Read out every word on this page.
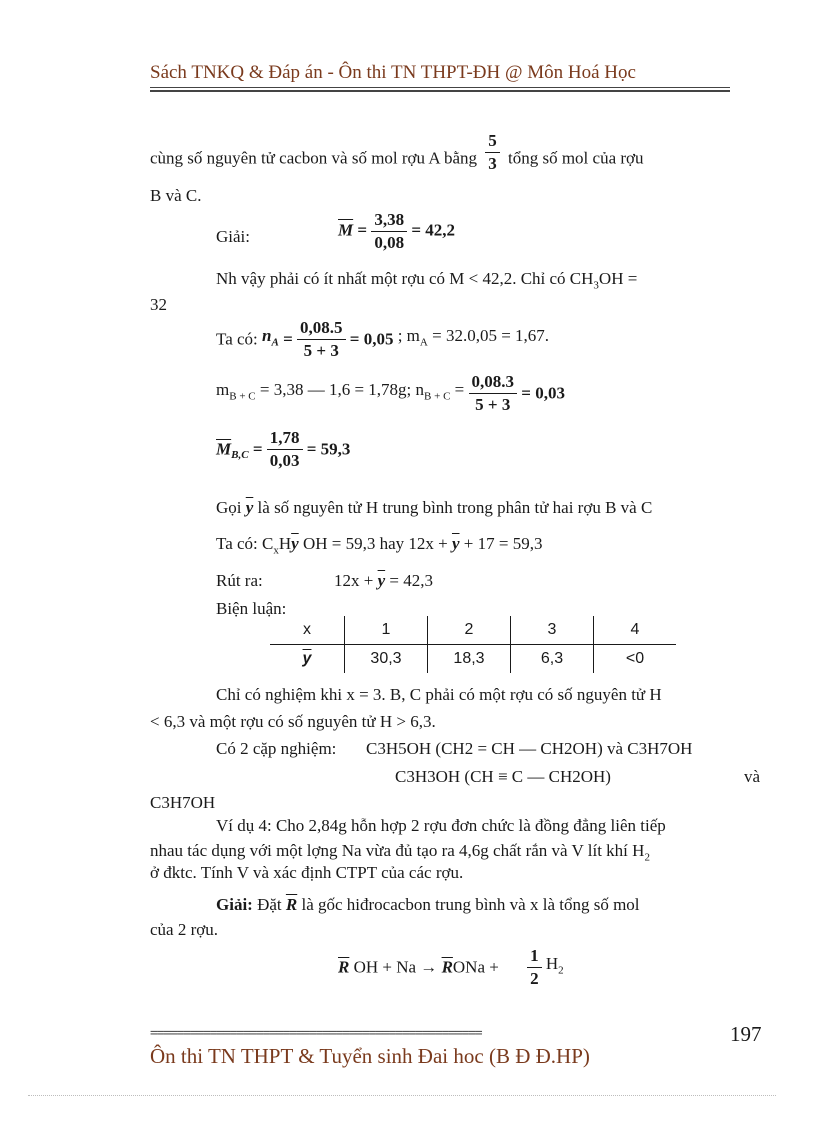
Sách TNKQ & Đáp án - Ôn thi TN THPT-ĐH @ Môn Hoá Học
cùng số nguyên tử cacbon và số mol rợu A bằng $\frac{5}{3}$ tổng số mol của rợu
B và C.
Giải:	$\overline{M} = \frac{3,38}{0,08} = 42,2$
Nh vậy phải có ít nhất một rợu có M < 42,2. Chỉ có $CH_3OH$ =
32
Ta có: $n_A = \frac{0,08.5}{5 + 3} = 0,05$ ; $m_A = 32.0,05 = 1,67$.
$m_{B + C} = 3,38$ — 1,6 = 1,78g; $n_{B + C} = \frac{0,08.3}{5 + 3} = 0,03$
$\overline{M}_{B,C} = \frac{1,78}{0,03} = 59,3$
Gọi $\overline{y}$ là số nguyên tử H trung bình trong phân tử hai rợu B và C
Ta có: $C_xH\overline{y}$ OH = 59,3 hay $12x + \overline{y} + 17 = 59,3$
Rút ra:	$12x + \overline{y} = 42,3$
Biện luận:
x	1	2	3	4
$\overline{y}$	30,3	18,3	6,3	<0
Chỉ có nghiệm khi x = 3. B, C phải có một rợu có số nguyên tử H
< 6,3 và một rợu có số nguyên tử H > 6,3.
Có 2 cặp nghiệm: C3H5OH (CH2 = CH — CH2OH) và C3H7OH
C3H3OH (CH ≡ C — CH2OH)	và
C3H7OH
Ví dụ 4: Cho 2,84g hỗn hợp 2 rợu đơn chức là đồng đẳng liên tiếp
nhau tác dụng với một lợng Na vừa đủ tạo ra 4,6g chất rắn và V lít khí $H_2$
ở đktc. Tính V và xác định CTPT của các rợu.
Giải: Đặt $\overline{R}$ là gốc hiđrocacbon trung bình và x là tổng số mol
của 2 rợu.
$\overline{R}$ OH + $Na \to \overline{R}ONa + \frac{1}{2} H_2$
==================================================	197
Ôn thi TN THPT & Tuyển sinh Đai hoc (B Đ Đ.HP)
